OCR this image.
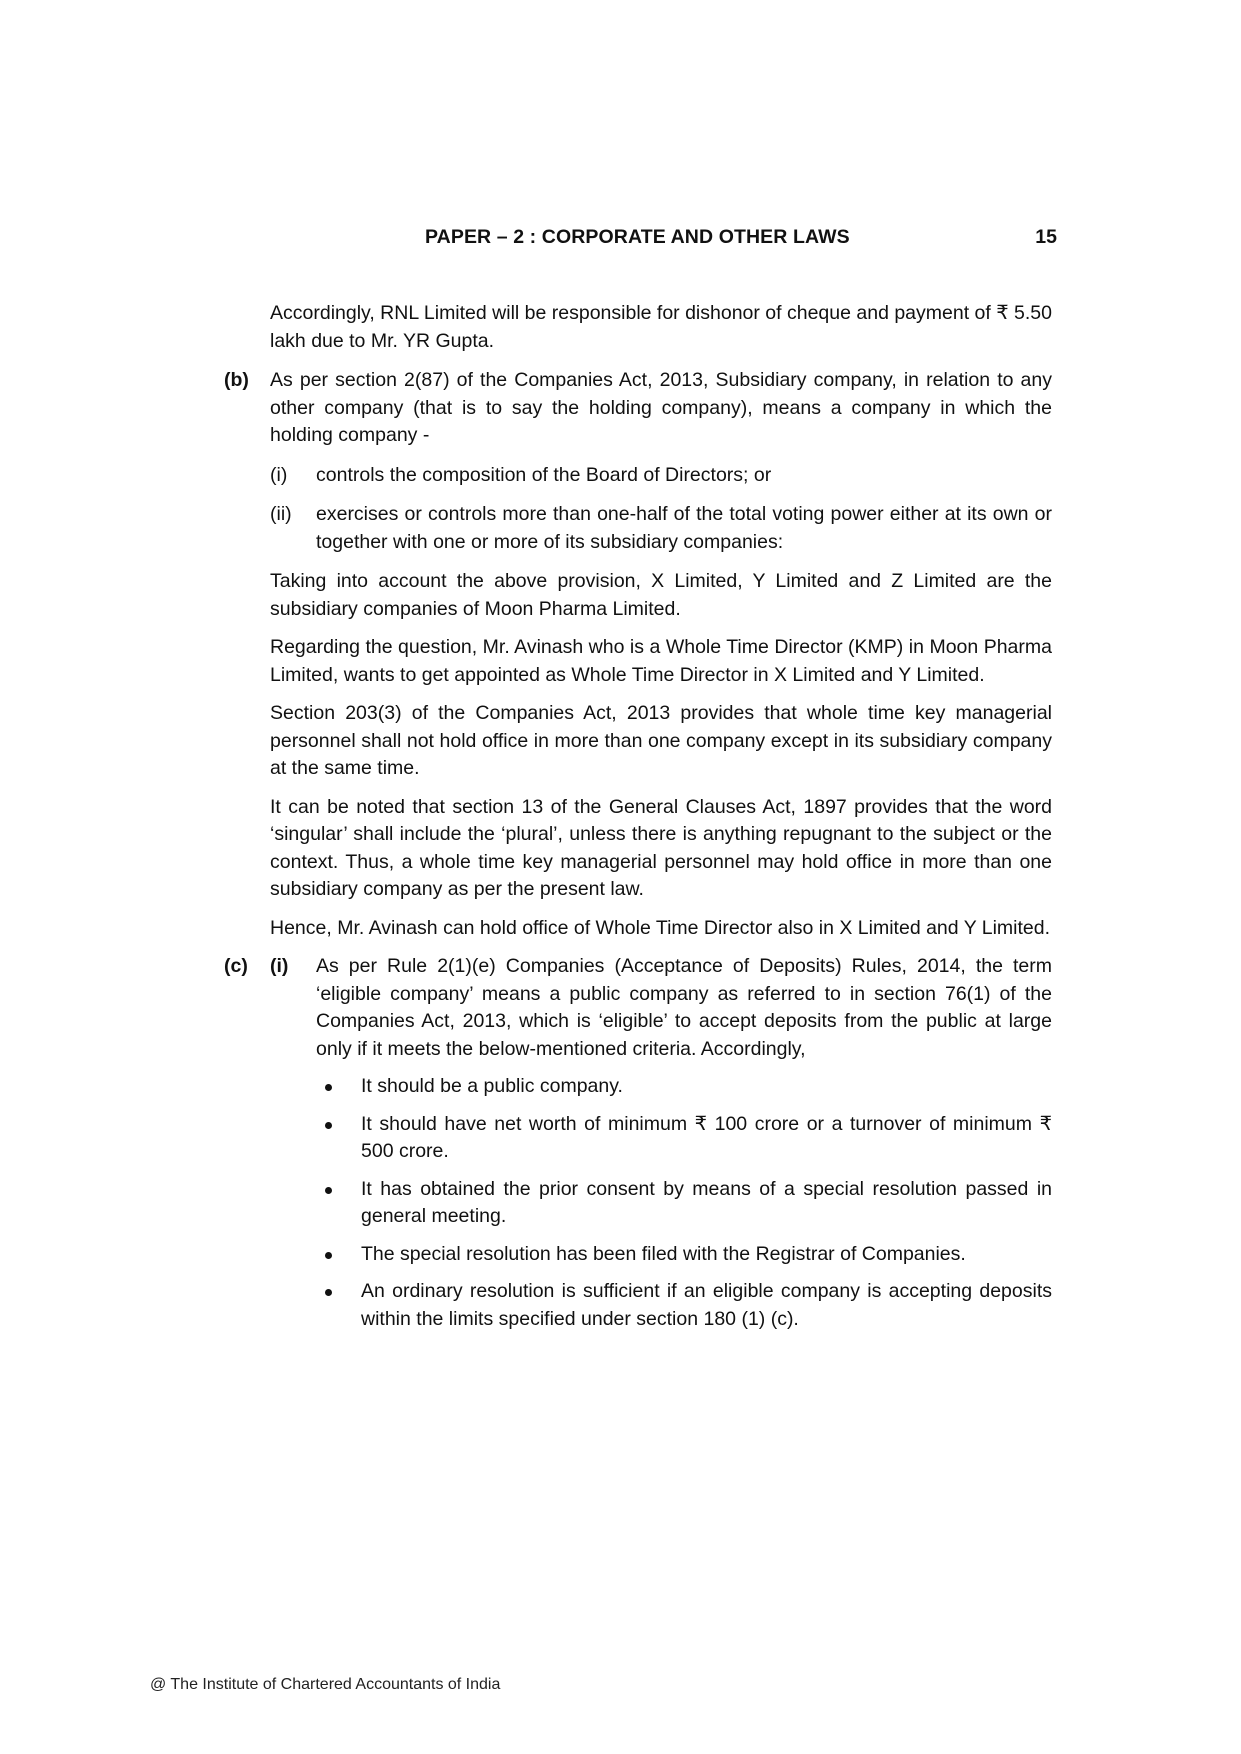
PAPER – 2 : CORPORATE AND OTHER LAWS	15

Accordingly, RNL Limited will be responsible for dishonor of cheque and payment of ₹ 5.50 lakh due to Mr. YR Gupta.

(b)	As per section 2(87) of the Companies Act, 2013, Subsidiary company, in relation to any other company (that is to say the holding company), means a company in which the holding company -

(i)	controls the composition of the Board of Directors; or

(ii)	exercises or controls more than one-half of the total voting power either at its own or together with one or more of its subsidiary companies:

Taking into account the above provision, X Limited, Y Limited and Z Limited are the subsidiary companies of Moon Pharma Limited.

Regarding the question, Mr. Avinash who is a Whole Time Director (KMP) in Moon Pharma Limited, wants to get appointed as Whole Time Director in X Limited and Y Limited.

Section 203(3) of the Companies Act, 2013 provides that whole time key managerial personnel shall not hold office in more than one company except in its subsidiary company at the same time.

It can be noted that section 13 of the General Clauses Act, 1897 provides that the word ‘singular’ shall include the ‘plural’, unless there is anything repugnant to the subject or the context. Thus, a whole time key managerial personnel may hold office in more than one subsidiary company as per the present law.

Hence, Mr. Avinash can hold office of Whole Time Director also in X Limited and Y Limited.

(c)	(i)	As per Rule 2(1)(e) Companies (Acceptance of Deposits) Rules, 2014, the term ‘eligible company’ means a public company as referred to in section 76(1) of the Companies Act, 2013, which is ‘eligible’ to accept deposits from the public at large only if it meets the below-mentioned criteria. Accordingly,

It should be a public company.

It should have net worth of minimum ₹ 100 crore or a turnover of minimum ₹ 500 crore.

It has obtained the prior consent by means of a special resolution passed in general meeting.

The special resolution has been filed with the Registrar of Companies.

An ordinary resolution is sufficient if an eligible company is accepting deposits within the limits specified under section 180 (1) (c).

@ The Institute of Chartered Accountants of India
